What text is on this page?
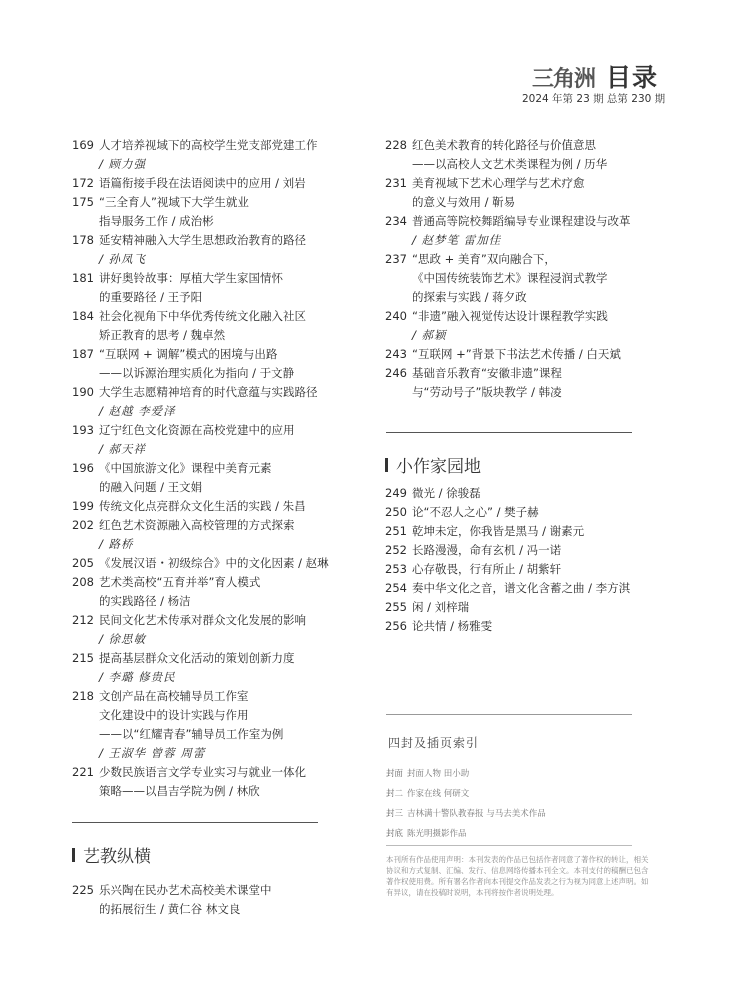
三角洲 目录
2024 年第 23 期 总第 230 期
169 人才培养视域下的高校学生党支部党建工作
/ 顾力强
172 语篇衔接手段在法语阅读中的应用 / 刘岩
175 “三全育人”视域下大学生就业
指导服务工作 / 成治彬
178 延安精神融入大学生思想政治教育的路径
/ 孙凤飞
181 讲好奥铃故事：厚植大学生家国情怀
的重要路径 / 王予阳
184 社会化视角下中华优秀传统文化融入社区
矫正教育的思考 / 魏卓然
187 “互联网 + 调解”模式的困境与出路
——以诉源治理实质化为指向 / 于文静
190 大学生志愿精神培育的时代意蕴与实践路径
/ 赵越 李爱泽
193 辽宁红色文化资源在高校党建中的应用
/ 郝天祥
196 《中国旅游文化》课程中美育元素
的融入问题 / 王文娟
199 传统文化点亮群众文化生活的实践 / 朱昌
202 红色艺术资源融入高校管理的方式探索
/ 路桥
205 《发展汉语・初级综合》中的文化因素 / 赵琳
208 艺术类高校“五育并举”育人模式
的实践路径 / 杨洁
212 民间文化艺术传承对群众文化发展的影响
/ 徐思敏
215 提高基层群众文化活动的策划创新力度
/ 李璐 修贵民
218 文创产品在高校辅导员工作室
文化建设中的设计实践与作用
——以“红耀青春”辅导员工作室为例
/ 王淑华 曾蓉 周蕾
221 少数民族语言文学专业实习与就业一体化
策略——以昌吉学院为例 / 林欣
艺教纵横
225 乐兴陶在民办艺术高校美术课堂中
的拓展衍生 / 黄仁谷 林文良
228 红色美术教育的转化路径与价值意思
——以高校人文艺术类课程为例 / 历华
231 美育视域下艺术心理学与艺术疗愈
的意义与效用 / 靳易
234 普通高等院校舞蹈编导专业课程建设与改革
/ 赵梦笔 雷加佳
237 “思政 + 美育”双向融合下，
《中国传统装饰艺术》课程浸润式教学
的探索与实践 / 蒋夕政
240 “非遗”融入视觉传达设计课程教学实践
/ 郝颖
243 “互联网 +”背景下书法艺术传播 / 白天斌
246 基础音乐教育“安徽非遗”课程
与“劳动号子”版块教学 / 韩凌
小作家园地
249 微光 / 徐骏磊
250 论“不忍人之心” / 樊子赫
251 乾坤未定，你我皆是黑马 / 谢素元
252 长路漫漫，命有玄机 / 冯一诺
253 心存敬畏，行有所止 / 胡紫轩
254 奏中华文化之音，谱文化含蓄之曲 / 李方淇
255 闲 / 刘梓瑞
256 论共情 / 杨雅雯
四封及插页索引
封面 封面人物 田小助
封二 作家在线 何研文
封三 吉林满十警队教春报 与马去美术作品
封底 陈光明摄影作品
本刊所有作品使用声明：本刊发表的作品已包括作者同意了著作权的转让，相关协议和方式复制、汇编、发行、信息网络传播本刊全文。本刊支付的稿酬已包含著作权使用费。所有署名作者向本刊提交作品发表之行为视为同意上述声明。如有异议，请在投稿时说明，本刊将按作者说明处理。
